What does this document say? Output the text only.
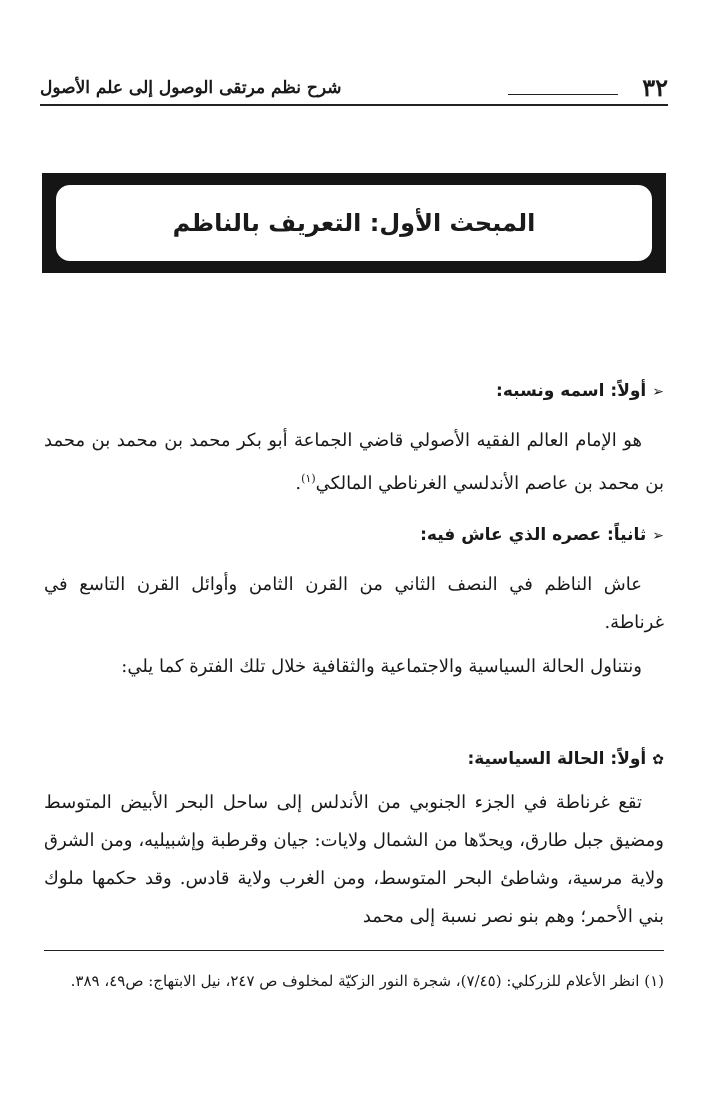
٣٢
شرح نظم مرتقى الوصول إلى علم الأصول
المبحث الأول: التعريف بالناظم
➢أولاً: اسمه ونسبه:

هو الإمام العالم الفقيه الأصولي قاضي الجماعة أبو بكر محمد بن محمد بن محمد بن محمد بن عاصم الأندلسي الغرناطي المالكي$^{(١)}$.

➢ثانياً: عصره الذي عاش فيه:

عاش الناظم في النصف الثاني من القرن الثامن وأوائل القرن التاسع في غرناطة.

ونتناول الحالة السياسية والاجتماعية والثقافية خلال تلك الفترة كما يلي:

✿أولاً: الحالة السياسية:

تقع غرناطة في الجزء الجنوبي من الأندلس إلى ساحل البحر الأبيض المتوسط ومضيق جبل طارق، ويحدّها من الشمال ولايات: جيان وقرطبة وإشبيليه، ومن الشرق ولاية مرسية، وشاطئ البحر المتوسط، ومن الغرب ولاية قادس. وقد حكمها ملوك بني الأحمر؛ وهم بنو نصر نسبة إلى محمد

(١) انظر الأعلام للزركلي: (٧/٤٥)، شجرة النور الزكيّة لمخلوف ص ٢٤٧، نيل الابتهاج: ص٤٩، ٣٨٩.
